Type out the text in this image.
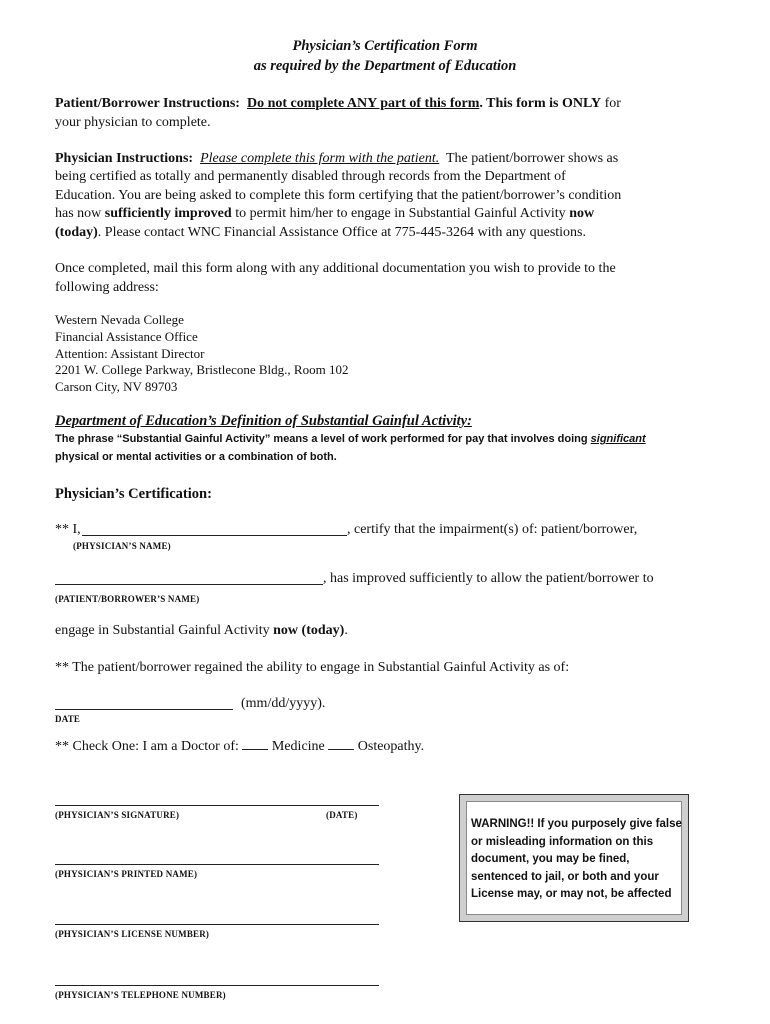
Physician’s Certification Form
as required by the Department of Education
Patient/Borrower Instructions: Do not complete ANY part of this form. This form is ONLY for
your physician to complete.
Physician Instructions: Please complete this form with the patient. The patient/borrower shows as
being certified as totally and permanently disabled through records from the Department of
Education. You are being asked to complete this form certifying that the patient/borrower’s condition
has now sufficiently improved to permit him/her to engage in Substantial Gainful Activity now
(today). Please contact WNC Financial Assistance Office at 775-445-3264 with any questions.
Once completed, mail this form along with any additional documentation you wish to provide to the
following address:
Western Nevada College
Financial Assistance Office
Attention: Assistant Director
2201 W. College Parkway, Bristlecone Bldg., Room 102
Carson City, NV 89703
Department of Education’s Definition of Substantial Gainful Activity:
The phrase “Substantial Gainful Activity” means a level of work performed for pay that involves doing significant
physical or mental activities or a combination of both.
Physician’s Certification:
** I,	, certify that the impairment(s) of: patient/borrower,
(PHYSICIAN’S NAME)
, has improved sufficiently to allow the patient/borrower to
(PATIENT/BORROWER’S NAME)
engage in Substantial Gainful Activity now (today).
** The patient/borrower regained the ability to engage in Substantial Gainful Activity as of:
(mm/dd/yyyy).
DATE
** Check One: I am a Doctor of:  Medicine  Osteopathy.
(PHYSICIAN’S SIGNATURE)	(DATE)
(PHYSICIAN’S PRINTED NAME)
(PHYSICIAN’S LICENSE NUMBER)
(PHYSICIAN’S TELEPHONE NUMBER)
WARNING!! If you purposely give false or misleading information on this document, you may be fined, sentenced to jail, or both and your License may, or may not, be affected
